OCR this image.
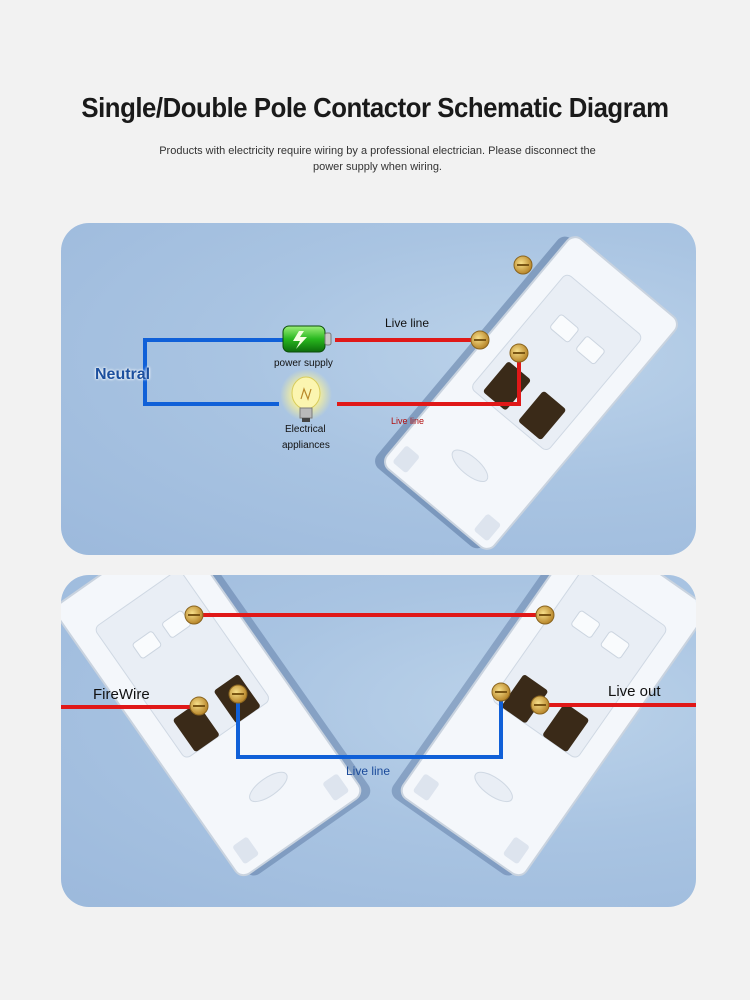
Single/Double Pole Contactor Schematic Diagram
Products with electricity require wiring by a professional electrician. Please disconnect the power supply when wiring.
Neutral
power supply
Live line
Live line
Electrical
appliances
FireWire	Live out
Live line
